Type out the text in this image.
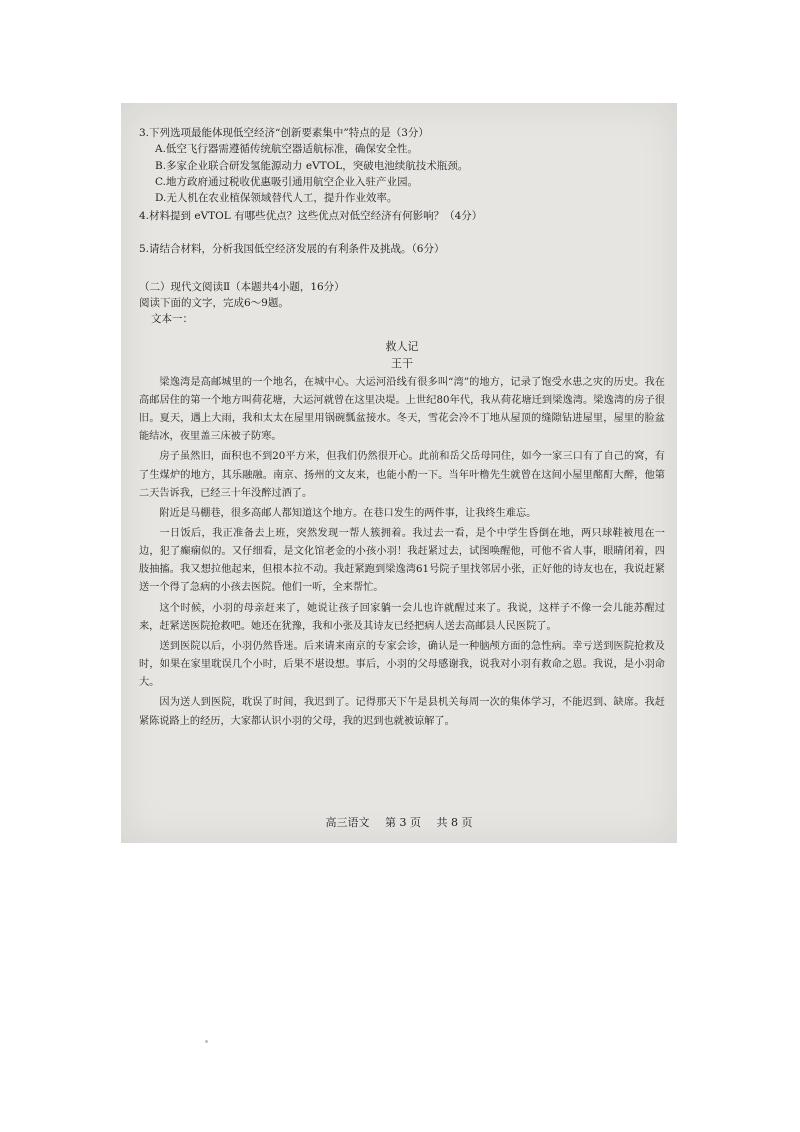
3.下列选项最能体现低空经济“创新要素集中”特点的是（3分）

A.低空飞行器需遵循传统航空器适航标准，确保安全性。

B.多家企业联合研发氢能源动力 eVTOL，突破电池续航技术瓶颈。

C.地方政府通过税收优惠吸引通用航空企业入驻产业园。

D.无人机在农业植保领域替代人工，提升作业效率。

4.材料提到 eVTOL 有哪些优点？这些优点对低空经济有何影响？（4分）

5.请结合材料，分析我国低空经济发展的有利条件及挑战。（6分）

（二）现代文阅读Ⅱ（本题共4小题，16分）

阅读下面的文字，完成6～9题。

文本一：

救人记

王干

梁逸湾是高邮城里的一个地名，在城中心。大运河沿线有很多叫“湾”的地方，记录了饱受水患之灾的历史。我在高邮居住的第一个地方叫荷花塘，大运河就曾在这里决堤。上世纪80年代，我从荷花塘迁到梁逸湾。梁逸湾的房子很旧。夏天，遇上大雨，我和太太在屋里用锅碗瓢盆接水。冬天，雪花会冷不丁地从屋顶的缝隙钻进屋里，屋里的脸盆能结冰，夜里盖三床被子防寒。

房子虽然旧，面积也不到20平方米，但我们仍然很开心。此前和岳父岳母同住，如今一家三口有了自己的窝，有了生煤炉的地方，其乐融融。南京、扬州的文友来，也能小酌一下。当年叶橹先生就曾在这间小屋里酩酊大醉，他第二天告诉我，已经三十年没醉过酒了。

附近是马棚巷，很多高邮人都知道这个地方。在巷口发生的两件事，让我终生难忘。

一日饭后，我正准备去上班，突然发现一帮人簇拥着。我过去一看，是个中学生昏倒在地，两只球鞋被甩在一边，犯了癫痫似的。又仔细看，是文化馆老金的小孩小羽！我赶紧过去，试图唤醒他，可他不省人事，眼睛闭着，四肢抽搐。我又想拉他起来，但根本拉不动。我赶紧跑到梁逸湾61号院子里找邻居小张，正好他的诗友也在，我说赶紧送一个得了急病的小孩去医院。他们一听，全来帮忙。

这个时候，小羽的母亲赶来了，她说让孩子回家躺一会儿也许就醒过来了。我说，这样子不像一会儿能苏醒过来，赶紧送医院抢救吧。她还在犹豫，我和小张及其诗友已经把病人送去高邮县人民医院了。

送到医院以后，小羽仍然昏迷。后来请来南京的专家会诊，确认是一种脑颅方面的急性病。幸亏送到医院抢救及时，如果在家里耽误几个小时，后果不堪设想。事后，小羽的父母感谢我，说我对小羽有救命之恩。我说，是小羽命大。

因为送人到医院，耽误了时间，我迟到了。记得那天下午是县机关每周一次的集体学习，不能迟到、缺席。我赶紧陈说路上的经历，大家都认识小羽的父母，我的迟到也就被谅解了。

高三语文 第 3 页 共 8 页
